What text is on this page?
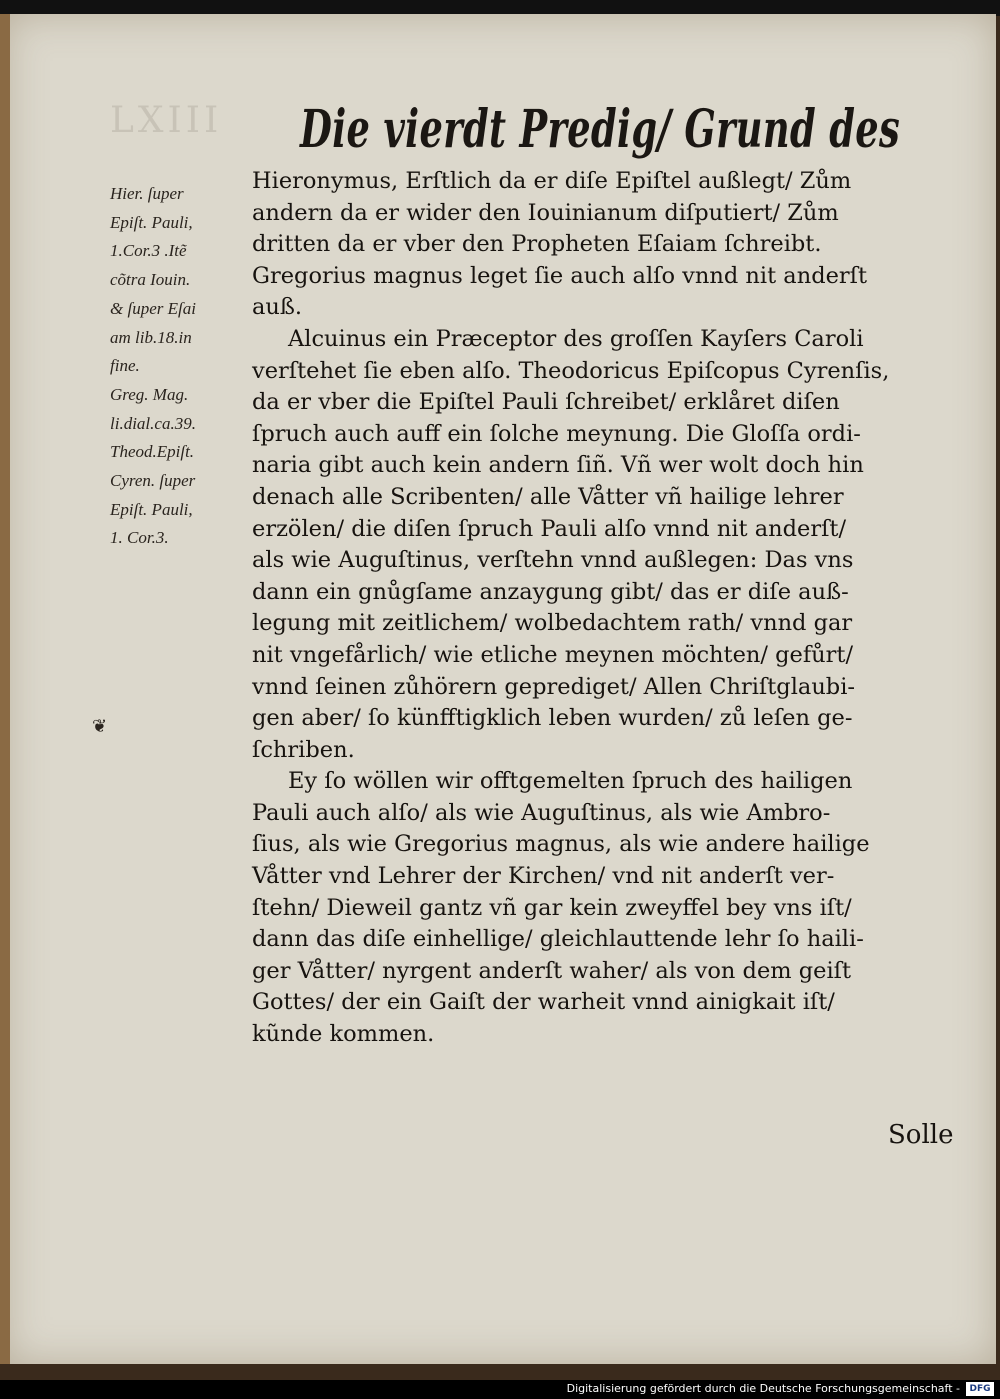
LXIII Die vierdt Predig/ Grund des
Hier. ſuper
Epiſt. Pauli,
1.Cor.3 .Itẽ
cõtra Iouin.
& ſuper Eſai
am lib.18.in
fine.
Greg. Mag.
li.dial.ca.39.
Theod.Epiſt.
Cyren. ſuper
Epiſt. Pauli,
1. Cor.3.
❦
Hieronymus, Erſtlich da er diſe Epiſtel außlegt/ Zům
andern da er wider den Iouinianum diſputiert/ Zům
dritten da er vber den Propheten Eſaiam ſchreibt.
Gregorius magnus leget ſie auch alſo vnnd nit anderſt
auß.
Alcuinus ein Præceptor des groſſen Kayſers Caroli
verſtehet ſie eben alſo. Theodoricus Epiſcopus Cyrenſis,
da er vber die Epiſtel Pauli ſchreibet/ erklåret diſen
ſpruch auch auff ein ſolche meynung. Die Gloſſa ordi-
naria gibt auch kein andern ſiñ. Vñ wer wolt doch hin
denach alle Scribenten/ alle Våtter vñ hailige lehrer
erzölen/ die diſen ſpruch Pauli alſo vnnd nit anderſt/
als wie Auguſtinus, verſtehn vnnd außlegen: Das vns
dann ein gnůgſame anzaygung gibt/ das er diſe auß-
legung mit zeitlichem/ wolbedachtem rath/ vnnd gar
nit vngefårlich/ wie etliche meynen möchten/ gefůrt/
vnnd ſeinen zůhörern geprediget/ Allen Chriſtglaubi-
gen aber/ ſo künfftigklich leben wurden/ zů leſen ge-
ſchriben.
Ey ſo wöllen wir offtgemelten ſpruch des hailigen
Pauli auch alſo/ als wie Auguſtinus, als wie Ambro-
ſius, als wie Gregorius magnus, als wie andere hailige
Våtter vnd Lehrer der Kirchen/ vnd nit anderſt ver-
ſtehn/ Dieweil gantz vñ gar kein zweyffel bey vns iſt/
dann das diſe einhellige/ gleichlauttende lehr ſo haili-
ger Våtter/ nyrgent anderſt waher/ als von dem geiſt
Gottes/ der ein Gaiſt der warheit vnnd ainigkait iſt/
kũnde kommen.
Solle
Digitalisierung gefördert durch die Deutsche Forschungsgemeinschaft -	DFG
